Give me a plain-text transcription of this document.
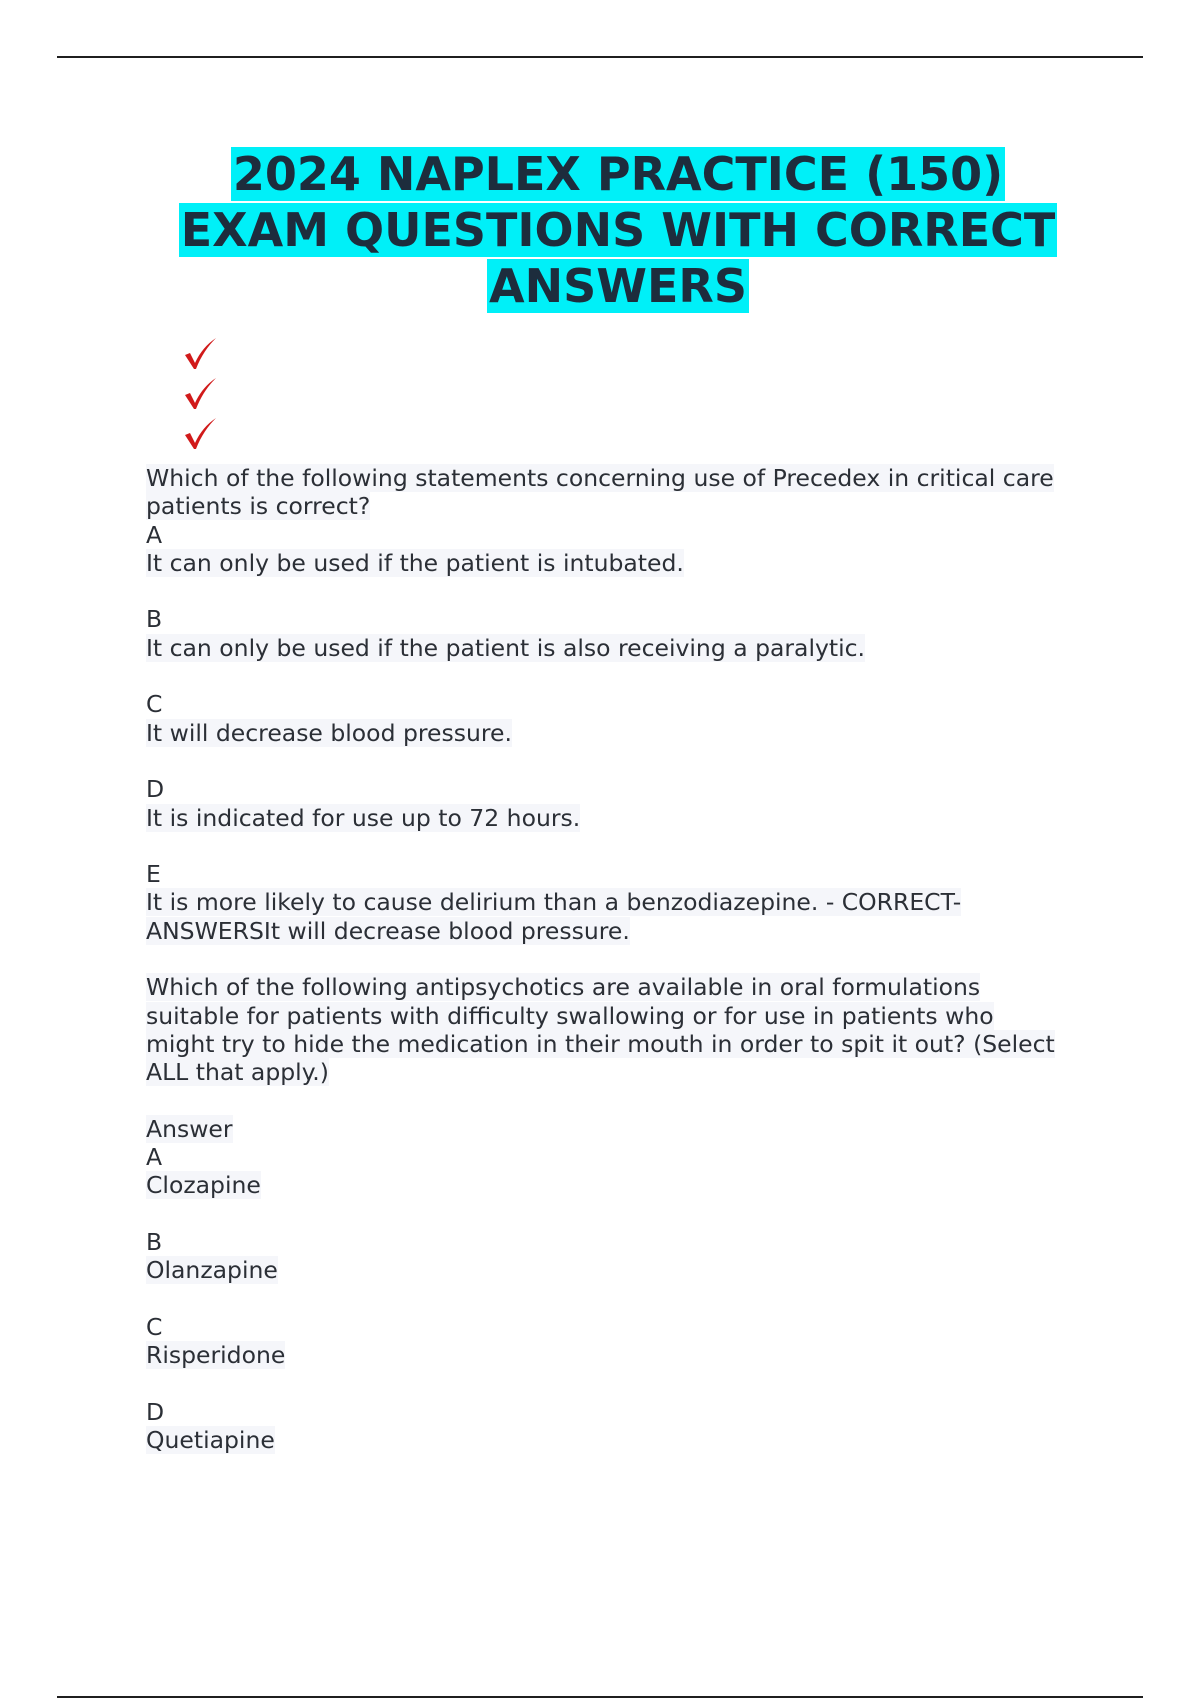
2024 NAPLEX PRACTICE (150)
EXAM QUESTIONS WITH CORRECT
ANSWERS
Which of the following statements concerning use of Precedex in critical care
patients is correct?
A
It can only be used if the patient is intubated.
B
It can only be used if the patient is also receiving a paralytic.
C
It will decrease blood pressure.
D
It is indicated for use up to 72 hours.
E
It is more likely to cause delirium than a benzodiazepine. - CORRECT-
ANSWERSIt will decrease blood pressure.
Which of the following antipsychotics are available in oral formulations
suitable for patients with difficulty swallowing or for use in patients who
might try to hide the medication in their mouth in order to spit it out? (Select
ALL that apply.)
Answer
A
Clozapine
B
Olanzapine
C
Risperidone
D
Quetiapine
